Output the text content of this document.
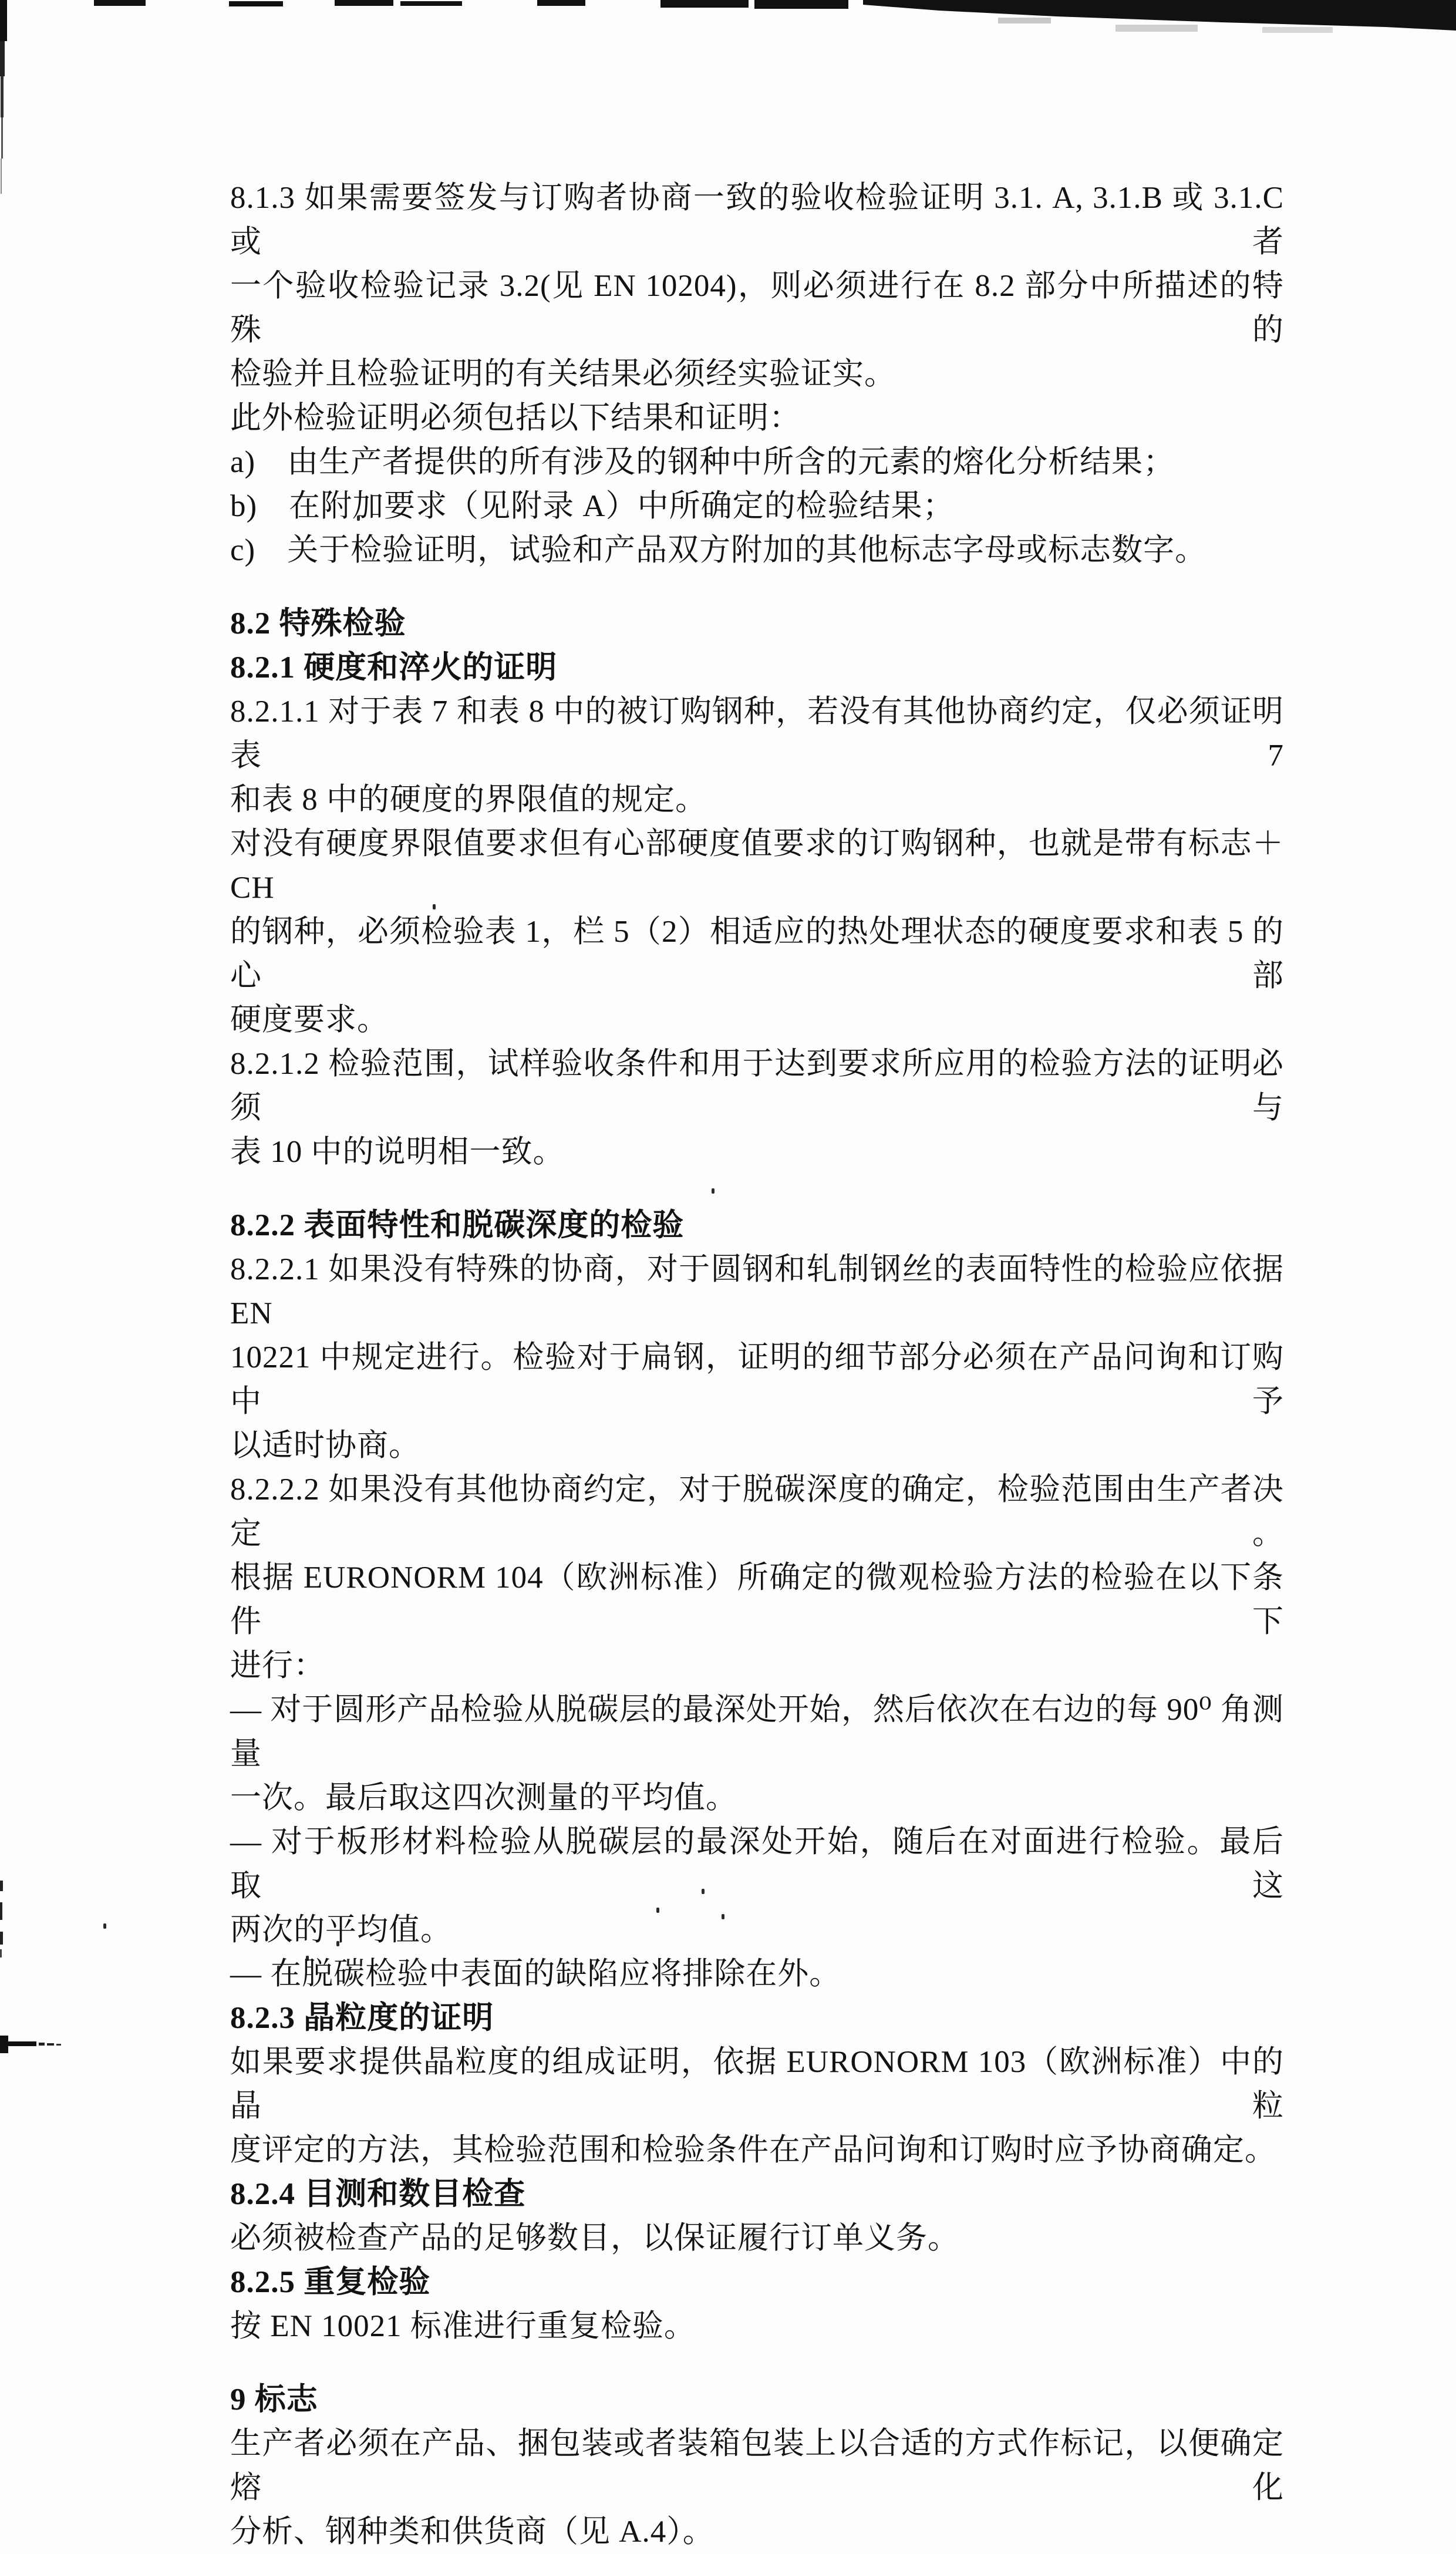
8.1.3 如果需要签发与订购者协商一致的验收检验证明 3.1. A, 3.1.B 或 3.1.C 或者
一个验收检验记录 3.2(见 EN 10204)，则必须进行在 8.2 部分中所描述的特殊的
检验并且检验证明的有关结果必须经实验证实。
此外检验证明必须包括以下结果和证明：
a)　由生产者提供的所有涉及的钢种中所含的元素的熔化分析结果；
b)　在附加要求（见附录 A）中所确定的检验结果；
c)　关于检验证明，试验和产品双方附加的其他标志字母或标志数字。
8.2 特殊检验
8.2.1 硬度和淬火的证明
8.2.1.1 对于表 7 和表 8 中的被订购钢种，若没有其他协商约定，仅必须证明表 7
和表 8 中的硬度的界限值的规定。
对没有硬度界限值要求但有心部硬度值要求的订购钢种，也就是带有标志＋CH
的钢种，必须检验表 1，栏 5（2）相适应的热处理状态的硬度要求和表 5 的心部
硬度要求。
8.2.1.2 检验范围，试样验收条件和用于达到要求所应用的检验方法的证明必须与
表 10 中的说明相一致。
8.2.2 表面特性和脱碳深度的检验
8.2.2.1 如果没有特殊的协商，对于圆钢和轧制钢丝的表面特性的检验应依据 EN
10221 中规定进行。检验对于扁钢，证明的细节部分必须在产品问询和订购中予
以适时协商。
8.2.2.2 如果没有其他协商约定，对于脱碳深度的确定，检验范围由生产者决定。
根据 EURONORM 104（欧洲标准）所确定的微观检验方法的检验在以下条件下
进行：
— 对于圆形产品检验从脱碳层的最深处开始，然后依次在右边的每 90⁰ 角测量
一次。最后取这四次测量的平均值。
— 对于板形材料检验从脱碳层的最深处开始，随后在对面进行检验。最后取这
两次的平均值。
— 在脱碳检验中表面的缺陷应将排除在外。
8.2.3 晶粒度的证明
如果要求提供晶粒度的组成证明，依据 EURONORM 103（欧洲标准）中的晶粒
度评定的方法，其检验范围和检验条件在产品问询和订购时应予协商确定。
8.2.4 目测和数目检查
必须被检查产品的足够数目，以保证履行订单义务。
8.2.5 重复检验
按 EN 10021 标准进行重复检验。
9 标志
生产者必须在产品、捆包装或者装箱包装上以合适的方式作标记，以便确定熔化
分析、钢种类和供货商（见 A.4）。
